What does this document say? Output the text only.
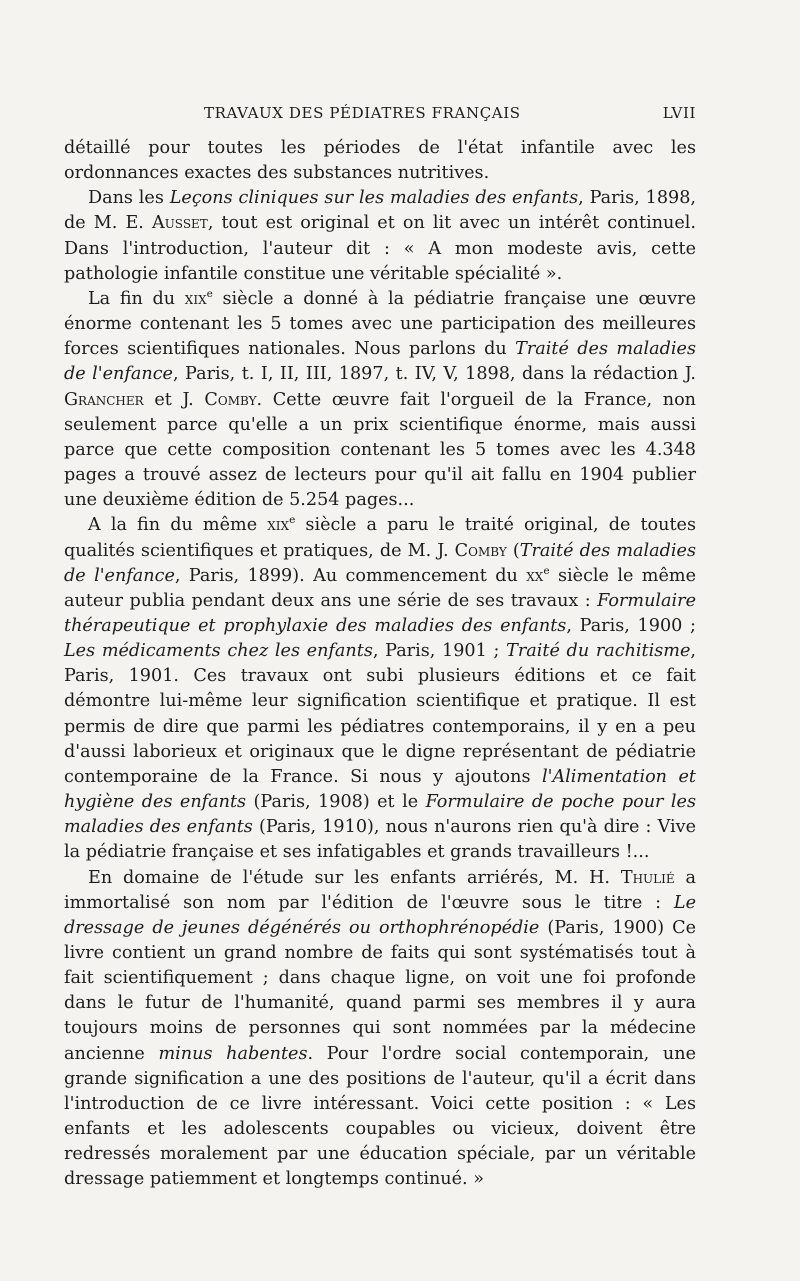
TRAVAUX DES PÉDIATRES FRANÇAIS	LVII

détaillé pour toutes les périodes de l'état infantile avec les ordonnances exactes des substances nutritives.

Dans les Leçons cliniques sur les maladies des enfants, Paris, 1898, de M. E. Ausset, tout est original et on lit avec un intérêt continuel. Dans l'introduction, l'auteur dit : « A mon modeste avis, cette pathologie infantile constitue une véritable spécialité ».

La fin du xix$^e$ siècle a donné à la pédiatrie française une œuvre énorme contenant les 5 tomes avec une participation des meilleures forces scientifiques nationales. Nous parlons du Traité des maladies de l'enfance, Paris, t. I, II, III, 1897, t. IV, V, 1898, dans la rédaction J. Grancher et J. Comby. Cette œuvre fait l'orgueil de la France, non seulement parce qu'elle a un prix scientifique énorme, mais aussi parce que cette composition contenant les 5 tomes avec les 4.348 pages a trouvé assez de lecteurs pour qu'il ait fallu en 1904 publier une deuxième édition de 5.254 pages...

A la fin du même xix$^e$ siècle a paru le traité original, de toutes qualités scientifiques et pratiques, de M. J. Comby (Traité des maladies de l'enfance, Paris, 1899). Au commencement du $xx^e$ siècle le même auteur publia pendant deux ans une série de ses travaux : Formulaire thérapeutique et prophylaxie des maladies des enfants, Paris, 1900 ; Les médicaments chez les enfants, Paris, 1901 ; Traité du rachitisme, Paris, 1901. Ces travaux ont subi plusieurs éditions et ce fait démontre lui-même leur signification scientifique et pratique. Il est permis de dire que parmi les pédiatres contemporains, il y en a peu d'aussi laborieux et originaux que le digne représentant de pédiatrie contemporaine de la France. Si nous y ajoutons l'Alimentation et hygiène des enfants (Paris, 1908) et le Formulaire de poche pour les maladies des enfants (Paris, 1910), nous n'aurons rien qu'à dire : Vive la pédiatrie française et ses infatigables et grands travailleurs !...

En domaine de l'étude sur les enfants arriérés, M. H. Thulié a immortalisé son nom par l'édition de l'œuvre sous le titre : Le dressage de jeunes dégénérés ou orthophrénopédie (Paris, 1900) Ce livre contient un grand nombre de faits qui sont systématisés tout à fait scientifiquement ; dans chaque ligne, on voit une foi profonde dans le futur de l'humanité, quand parmi ses membres il y aura toujours moins de personnes qui sont nommées par la médecine ancienne minus habentes. Pour l'ordre social contemporain, une grande signification a une des positions de l'auteur, qu'il a écrit dans l'introduction de ce livre intéressant. Voici cette position : « Les enfants et les adolescents coupables ou vicieux, doivent être redressés moralement par une éducation spéciale, par un véritable dressage patiemment et longtemps continué. »
